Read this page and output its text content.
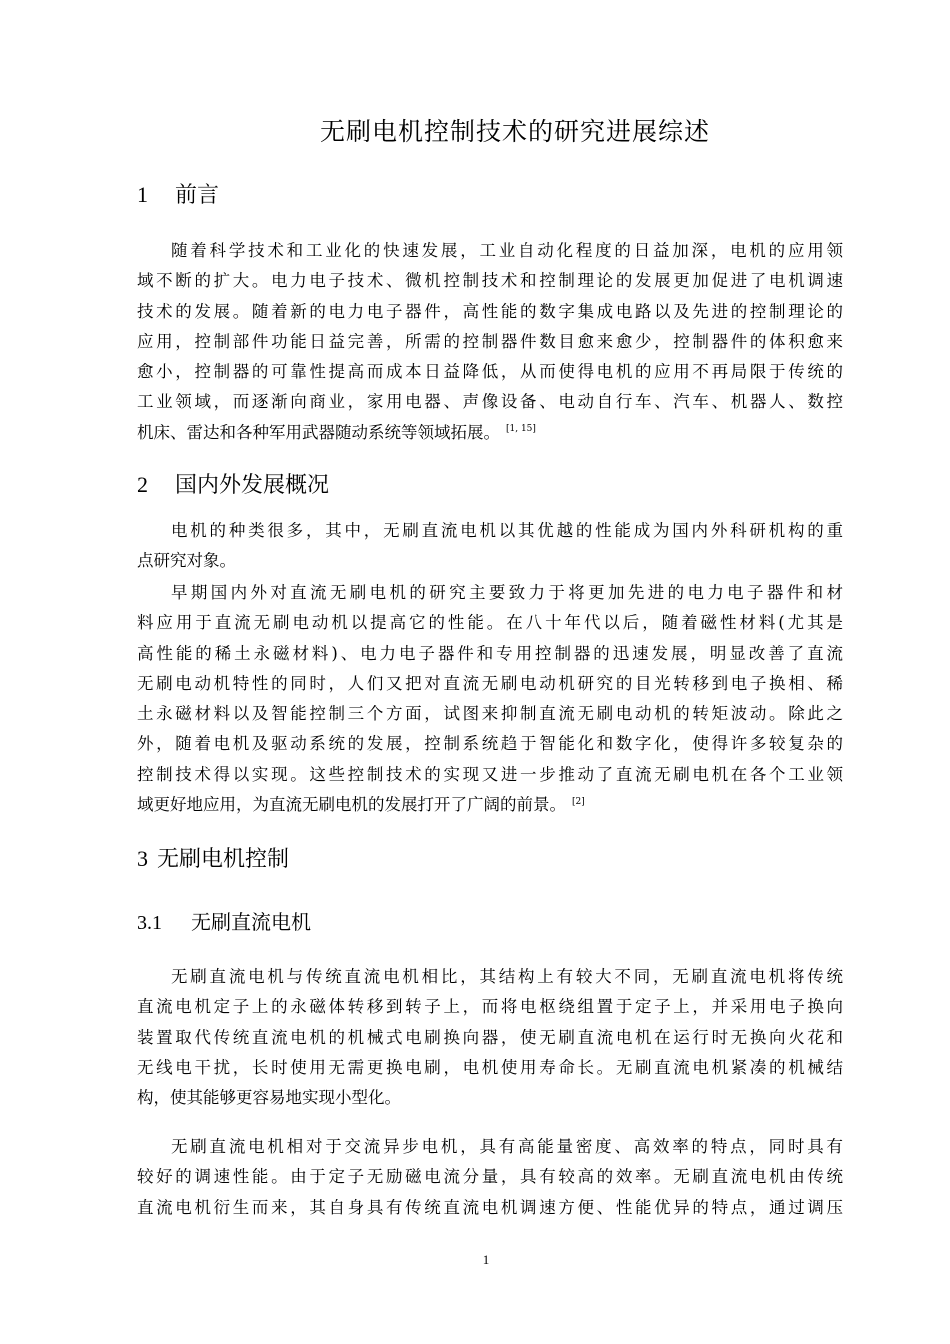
无刷电机控制技术的研究进展综述
1 前言
随着科学技术和工业化的快速发展，工业自动化程度的日益加深，电机的应用领
域不断的扩大。电力电子技术、微机控制技术和控制理论的发展更加促进了电机调速
技术的发展。随着新的电力电子器件，高性能的数字集成电路以及先进的控制理论的
应用，控制部件功能日益完善，所需的控制器件数目愈来愈少，控制器件的体积愈来
愈小，控制器的可靠性提高而成本日益降低，从而使得电机的应用不再局限于传统的
工业领域，而逐渐向商业，家用电器、声像设备、电动自行车、汽车、机器人、数控
机床、雷达和各种军用武器随动系统等领域拓展。 [1, 15]
2 国内外发展概况
电机的种类很多，其中，无刷直流电机以其优越的性能成为国内外科研机构的重
点研究对象。
早期国内外对直流无刷电机的研究主要致力于将更加先进的电力电子器件和材
料应用于直流无刷电动机以提高它的性能。在八十年代以后，随着磁性材料(尤其是
高性能的稀土永磁材料)、电力电子器件和专用控制器的迅速发展，明显改善了直流
无刷电动机特性的同时，人们又把对直流无刷电动机研究的目光转移到电子换相、稀
土永磁材料以及智能控制三个方面，试图来抑制直流无刷电动机的转矩波动。除此之
外，随着电机及驱动系统的发展，控制系统趋于智能化和数字化，使得许多较复杂的
控制技术得以实现。这些控制技术的实现又进一步推动了直流无刷电机在各个工业领
域更好地应用，为直流无刷电机的发展打开了广阔的前景。 [2]
3 无刷电机控制
3.1 无刷直流电机
无刷直流电机与传统直流电机相比，其结构上有较大不同，无刷直流电机将传统
直流电机定子上的永磁体转移到转子上，而将电枢绕组置于定子上，并采用电子换向
装置取代传统直流电机的机械式电刷换向器，使无刷直流电机在运行时无换向火花和
无线电干扰，长时使用无需更换电刷，电机使用寿命长。无刷直流电机紧凑的机械结
构，使其能够更容易地实现小型化。
无刷直流电机相对于交流异步电机，具有高能量密度、高效率的特点，同时具有
较好的调速性能。由于定子无励磁电流分量，具有较高的效率。无刷直流电机由传统
直流电机衍生而来，其自身具有传统直流电机调速方便、性能优异的特点，通过调压
1
